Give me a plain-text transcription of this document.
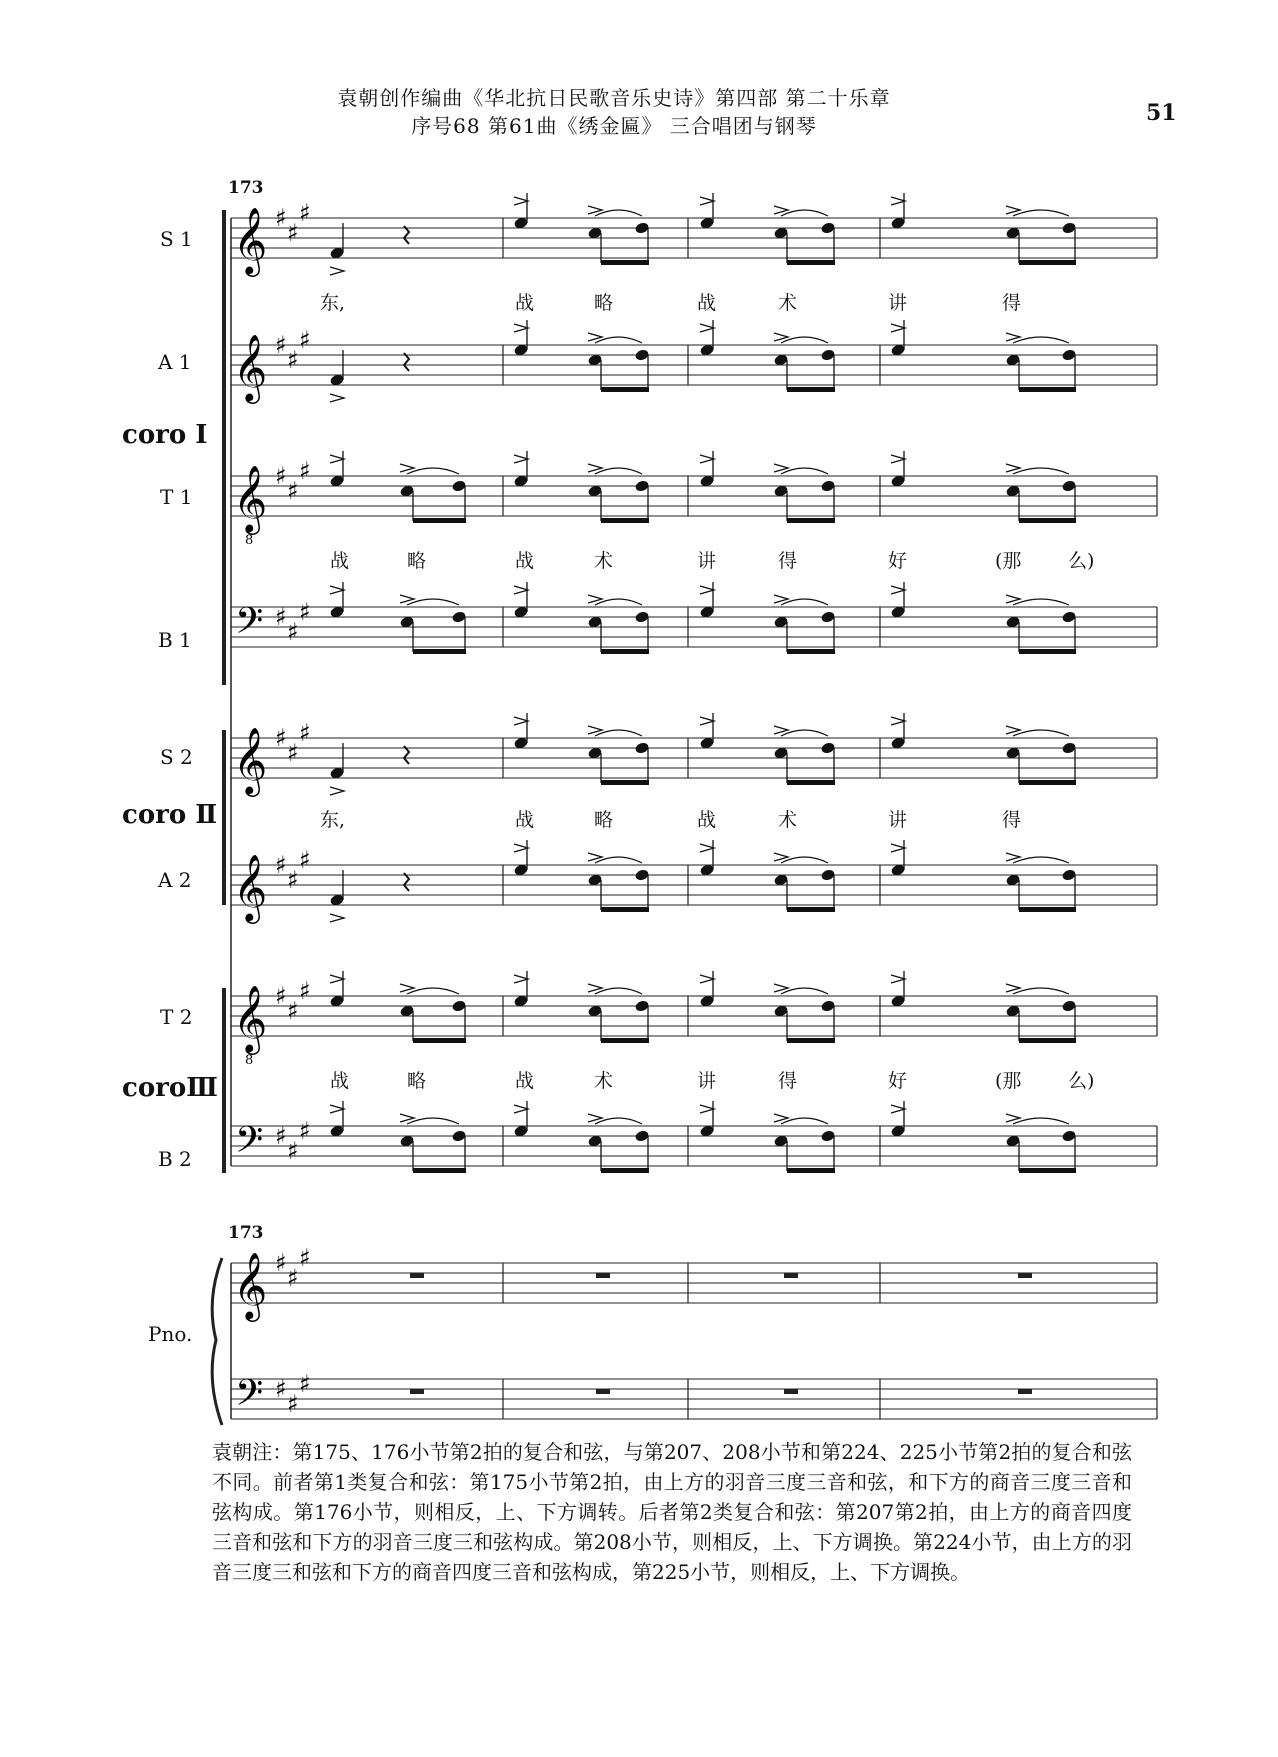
袁朝创作编曲《华北抗日民歌音乐史诗》第四部 第二十乐章
序号68 第61曲《绣金匾》 三合唱团与钢琴	51
173
173
S 1
A 1
T 1
B 1
S 2
A 2
T 2
B 2
Pno.
coro Ⅰ
coro Ⅱ
coroⅢ
东,	战	略	战	术	讲	得
战	略	战	术	讲	得	好	(那 么)
东,	战	略	战	术	讲	得
战	略	战	术	讲	得	好	(那 么)
𝄞 ♯
♯
♯
𝄞 ♯
♯
♯
𝄞
8
♯
♯
♯
𝄢 ♯
♯
♯
𝄞 ♯
♯
♯
𝄞 ♯
♯
♯
𝄞
8
♯
♯
♯
𝄢 ♯
♯
♯
𝄞 ♯
♯
♯
𝄢 ♯
♯
♯
袁朝注：第175、176小节第2拍的复合和弦，与第207、208小节和第224、225小节第2拍的复合和弦不同。前者第1类复合和弦：第175小节第2拍，由上方的羽音三度三音和弦，和下方的商音三度三音和弦构成。第176小节，则相反，上、下方调转。后者第2类复合和弦：第207第2拍，由上方的商音四度三音和弦和下方的羽音三度三和弦构成。第208小节，则相反，上、下方调换。第224小节，由上方的羽音三度三和弦和下方的商音四度三音和弦构成，第225小节，则相反，上、下方调换。
